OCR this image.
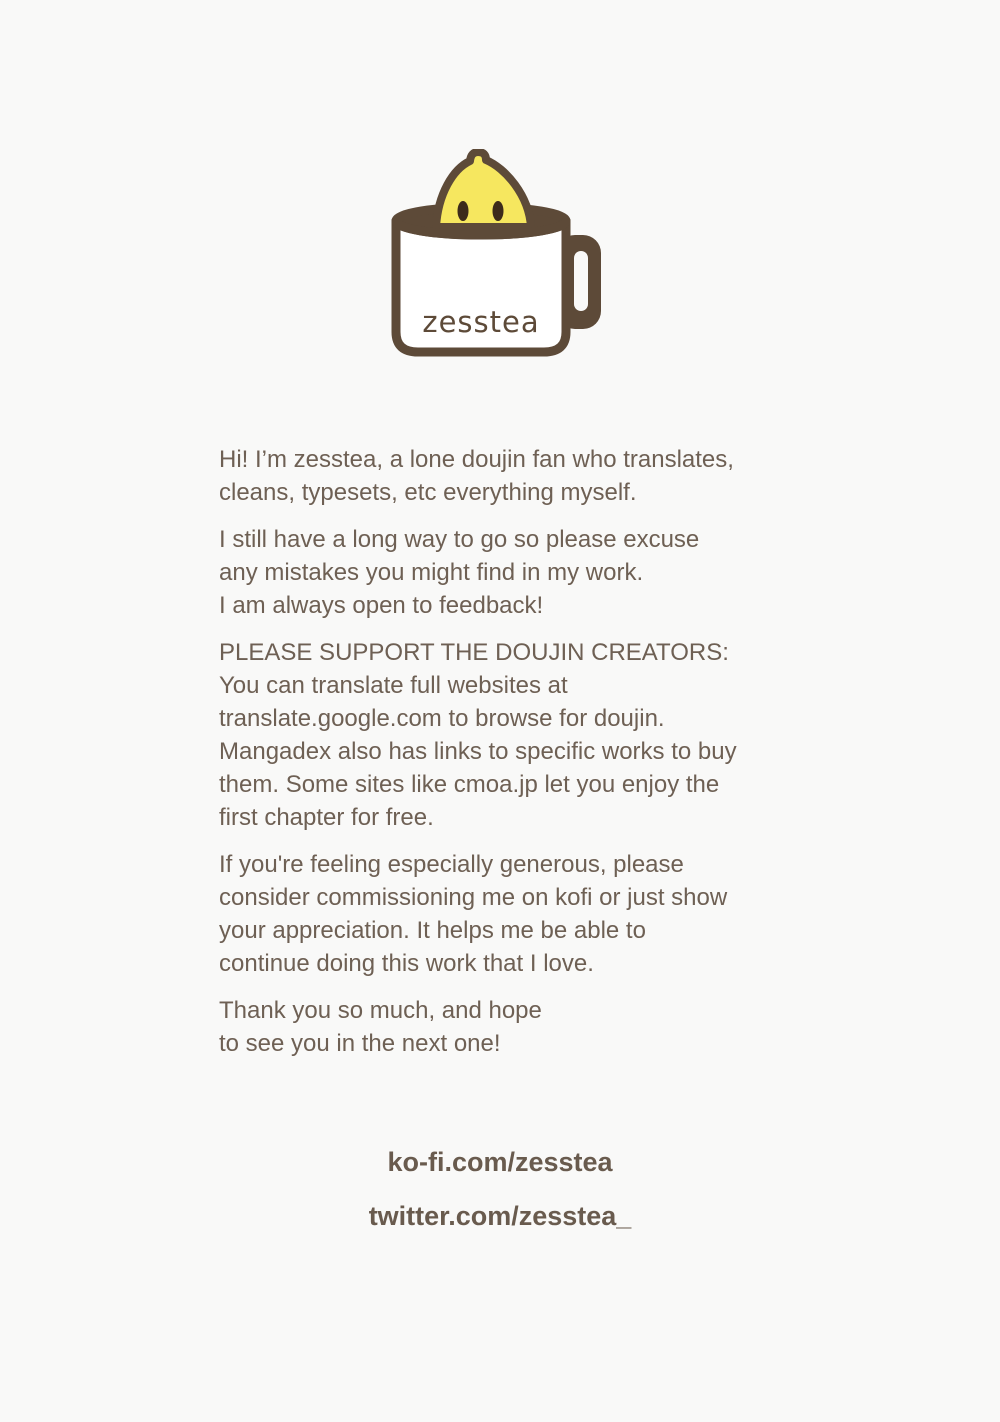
zesstea

Hi! I’m zesstea, a lone doujin fan who translates,
cleans, typesets, etc everything myself.

I still have a long way to go so please excuse
any mistakes you might find in my work.
I am always open to feedback!

PLEASE SUPPORT THE DOUJIN CREATORS:
You can translate full websites at
translate.google.com to browse for doujin.
Mangadex also has links to specific works to buy
them. Some sites like cmoa.jp let you enjoy the
first chapter for free.

If you're feeling especially generous, please
consider commissioning me on kofi or just show
your appreciation. It helps me be able to
continue doing this work that I love.

Thank you so much, and hope
to see you in the next one!

ko-fi.com/zesstea
twitter.com/zesstea_
